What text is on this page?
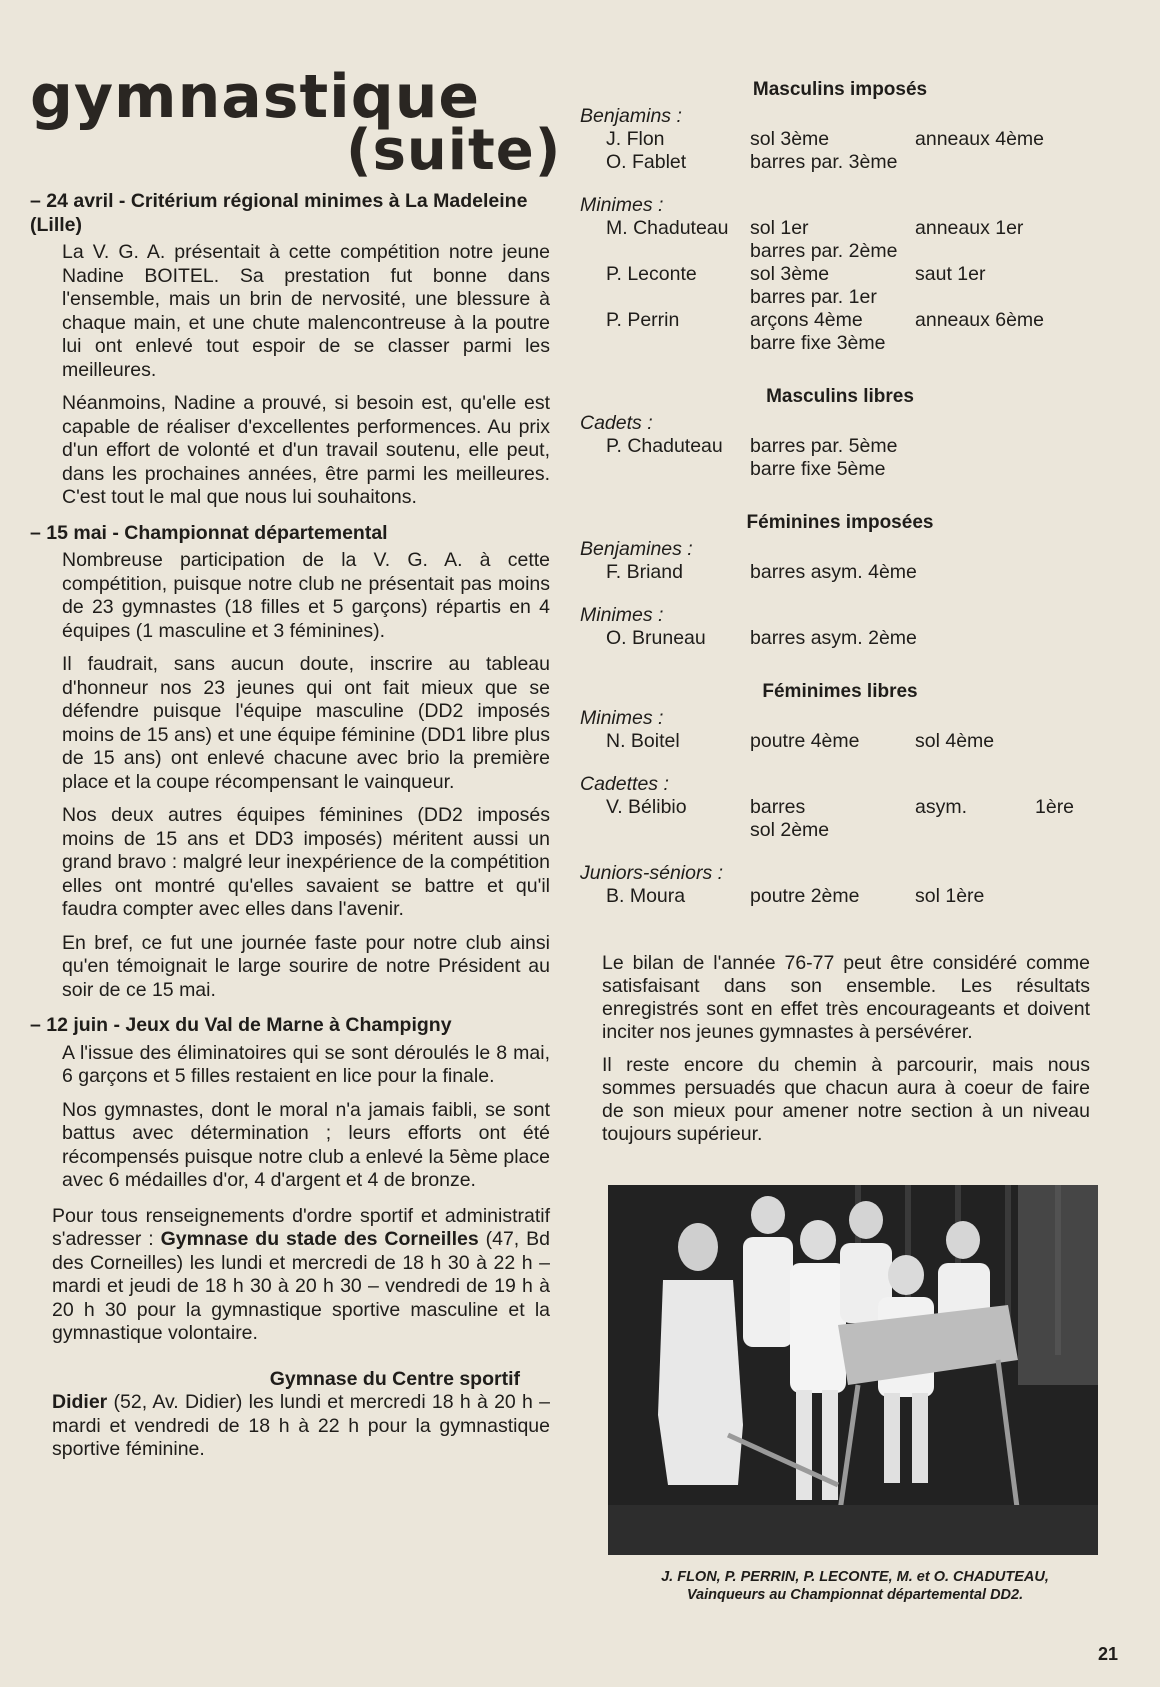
gymnastique
(suite)

– 24 avril - Critérium régional minimes à La Madeleine (Lille)

La V. G. A. présentait à cette compétition notre jeune Nadine BOITEL. Sa prestation fut bonne dans l'ensemble, mais un brin de nervosité, une blessure à chaque main, et une chute malencontreuse à la poutre lui ont enlevé tout espoir de se classer parmi les meilleures.

Néanmoins, Nadine a prouvé, si besoin est, qu'elle est capable de réaliser d'excellentes performences. Au prix d'un effort de volonté et d'un travail soutenu, elle peut, dans les prochaines années, être parmi les meilleures. C'est tout le mal que nous lui souhaitons.

– 15 mai - Championnat départemental

Nombreuse participation de la V. G. A. à cette compétition, puisque notre club ne présentait pas moins de 23 gymnastes (18 filles et 5 garçons) répartis en 4 équipes (1 masculine et 3 féminines).

Il faudrait, sans aucun doute, inscrire au tableau d'honneur nos 23 jeunes qui ont fait mieux que se défendre puisque l'équipe masculine (DD2 imposés moins de 15 ans) et une équipe féminine (DD1 libre plus de 15 ans) ont enlevé chacune avec brio la première place et la coupe récompensant le vainqueur.

Nos deux autres équipes féminines (DD2 imposés moins de 15 ans et DD3 imposés) méritent aussi un grand bravo : malgré leur inexpérience de la compétition elles ont montré qu'elles savaient se battre et qu'il faudra compter avec elles dans l'avenir.

En bref, ce fut une journée faste pour notre club ainsi qu'en témoignait le large sourire de notre Président au soir de ce 15 mai.

– 12 juin - Jeux du Val de Marne à Champigny

A l'issue des éliminatoires qui se sont déroulés le 8 mai, 6 garçons et 5 filles restaient en lice pour la finale.

Nos gymnastes, dont le moral n'a jamais faibli, se sont battus avec détermination ; leurs efforts ont été récompensés puisque notre club a enlevé la 5ème place avec 6 médailles d'or, 4 d'argent et 4 de bronze.

Pour tous renseignements d'ordre sportif et administratif s'adresser : Gymnase du stade des Corneilles (47, Bd des Corneilles) les lundi et mercredi de 18 h 30 à 22 h – mardi et jeudi de 18 h 30 à 20 h 30 – vendredi de 19 h à 20 h 30 pour la gymnastique sportive masculine et la gymnastique volontaire.

Gymnase du Centre sportif
Didier (52, Av. Didier) les lundi et mercredi 18 h à 20 h – mardi et vendredi de 18 h à 22 h pour la gymnastique sportive féminine.

Masculins imposés

Benjamins :

J. Flon	sol 3ème	anneaux 4ème
O. Fablet	barres par. 3ème

Minimes :

M. Chaduteau	sol 1er	anneaux 1er
barres par. 2ème
P. Leconte	sol 3ème	saut 1er
barres par. 1er
P. Perrin	arçons 4ème	anneaux 6ème
barre fixe 3ème

Masculins libres

Cadets :

P. Chaduteau	barres par. 5ème
barre fixe 5ème

Féminines imposées

Benjamines :

F. Briand	barres asym. 4ème

Minimes :

O. Bruneau	barres asym. 2ème

Féminimes libres

Minimes :

N. Boitel	poutre 4ème	sol 4ème

Cadettes :

V. Bélibio	barres	asym.	1ère
sol 2ème

Juniors-séniors :

B. Moura	poutre 2ème	sol 1ère

Le bilan de l'année 76-77 peut être considéré comme satisfaisant dans son ensemble. Les résultats enregistrés sont en effet très encourageants et doivent inciter nos jeunes gymnastes à persévérer.

Il reste encore du chemin à parcourir, mais nous sommes persuadés que chacun aura à coeur de faire de son mieux pour amener notre section à un niveau toujours supérieur.

J. FLON, P. PERRIN, P. LECONTE, M. et O. CHADUTEAU,
Vainqueurs au Championnat départemental DD2.
21
